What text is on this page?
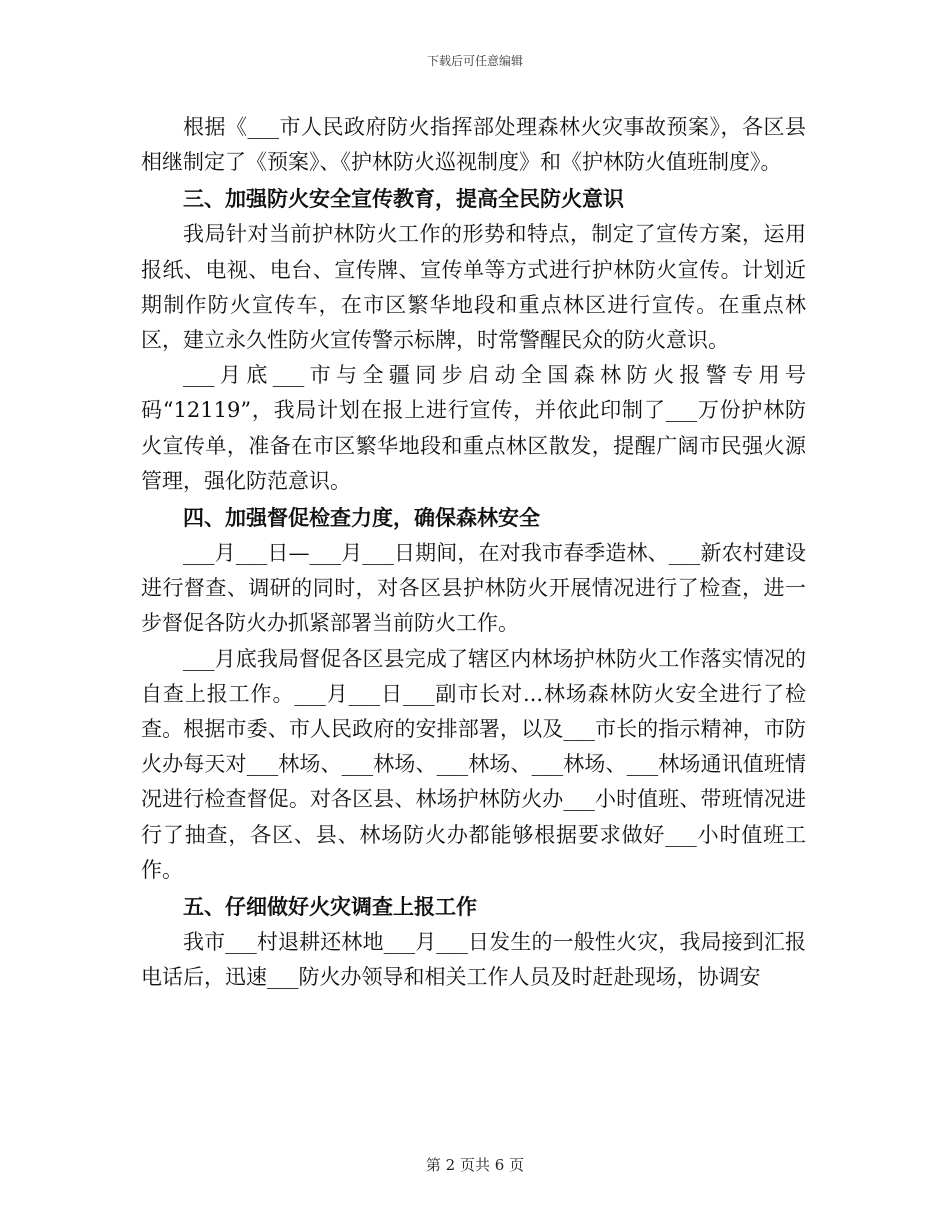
下载后可任意编辑

根据《___市人民政府防火指挥部处理森林火灾事故预案》，各区县相继制定了《预案》、《护林防火巡视制度》和《护林防火值班制度》。

三、加强防火安全宣传教育，提高全民防火意识

我局针对当前护林防火工作的形势和特点，制定了宣传方案，运用报纸、电视、电台、宣传牌、宣传单等方式进行护林防火宣传。计划近期制作防火宣传车，在市区繁华地段和重点林区进行宣传。在重点林区，建立永久性防火宣传警示标牌，时常警醒民众的防火意识。

___月底___市与全疆同步启动全国森林防火报警专用号码“12119”，我局计划在报上进行宣传，并依此印制了___万份护林防火宣传单，准备在市区繁华地段和重点林区散发，提醒广阔市民强火源管理，强化防范意识。

四、加强督促检查力度，确保森林安全

___月___日—___月___日期间，在对我市春季造林、___新农村建设进行督查、调研的同时，对各区县护林防火开展情况进行了检查，进一步督促各防火办抓紧部署当前防火工作。

___月底我局督促各区县完成了辖区内林场护林防火工作落实情况的自查上报工作。___月___日___副市长对...林场森林防火安全进行了检查。根据市委、市人民政府的安排部署，以及___市长的指示精神，市防火办每天对___林场、___林场、___林场、___林场、___林场通讯值班情况进行检查督促。对各区县、林场护林防火办___小时值班、带班情况进行了抽查，各区、县、林场防火办都能够根据要求做好___小时值班工作。

五、仔细做好火灾调查上报工作

我市___村退耕还林地___月___日发生的一般性火灾，我局接到汇报电话后，迅速___防火办领导和相关工作人员及时赶赴现场，协调安

第 2 页共 6 页
